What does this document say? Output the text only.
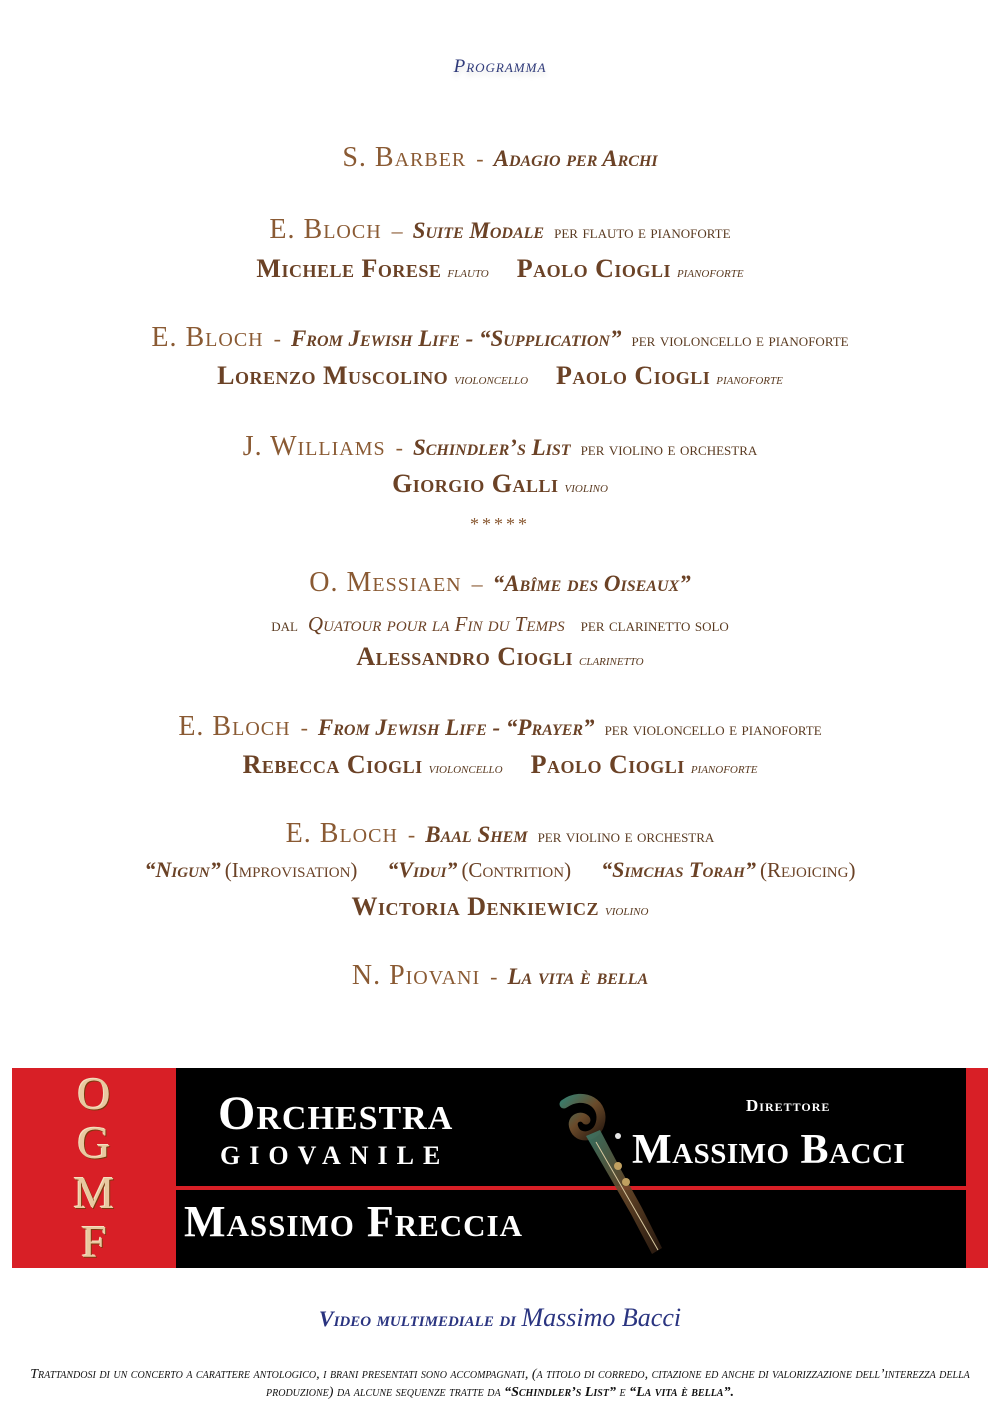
Programma
S. Barber - Adagio per Archi
E. Bloch – Suite Modale per flauto e pianoforte
Michele Forese flauto Paolo Ciogli pianoforte
E. Bloch - From Jewish Life - “Supplication” per violoncello e pianoforte
Lorenzo Muscolino violoncello Paolo Ciogli pianoforte
J. Williams - Schindler’s List per violino e orchestra
Giorgio Galli violino
*****
O. Messiaen – “Abîme des Oiseaux”
dal Quatour pour la Fin du Temps per clarinetto solo
Alessandro Ciogli clarinetto
E. Bloch - From Jewish Life - “Prayer” per violoncello e pianoforte
Rebecca Ciogli violoncello Paolo Ciogli pianoforte
E. Bloch - Baal Shem per violino e orchestra
“Nigun” (Improvisation) “Vidui” (Contrition) “Simchas Torah” (Rejoicing)
Wictoria Denkiewicz violino
N. Piovani - La vita è bella
O
G
M
F
Orchestra
GIOVANILE
Direttore
Massimo Bacci
Massimo Freccia
Video multimediale di Massimo Bacci
Trattandosi di un concerto a carattere antologico, i brani presentati sono accompagnati, (a titolo di corredo, citazione ed anche di valorizzazione dell’interezza della produzione) da alcune sequenze tratte da “Schindler’s List” e “La vita è bella”.
